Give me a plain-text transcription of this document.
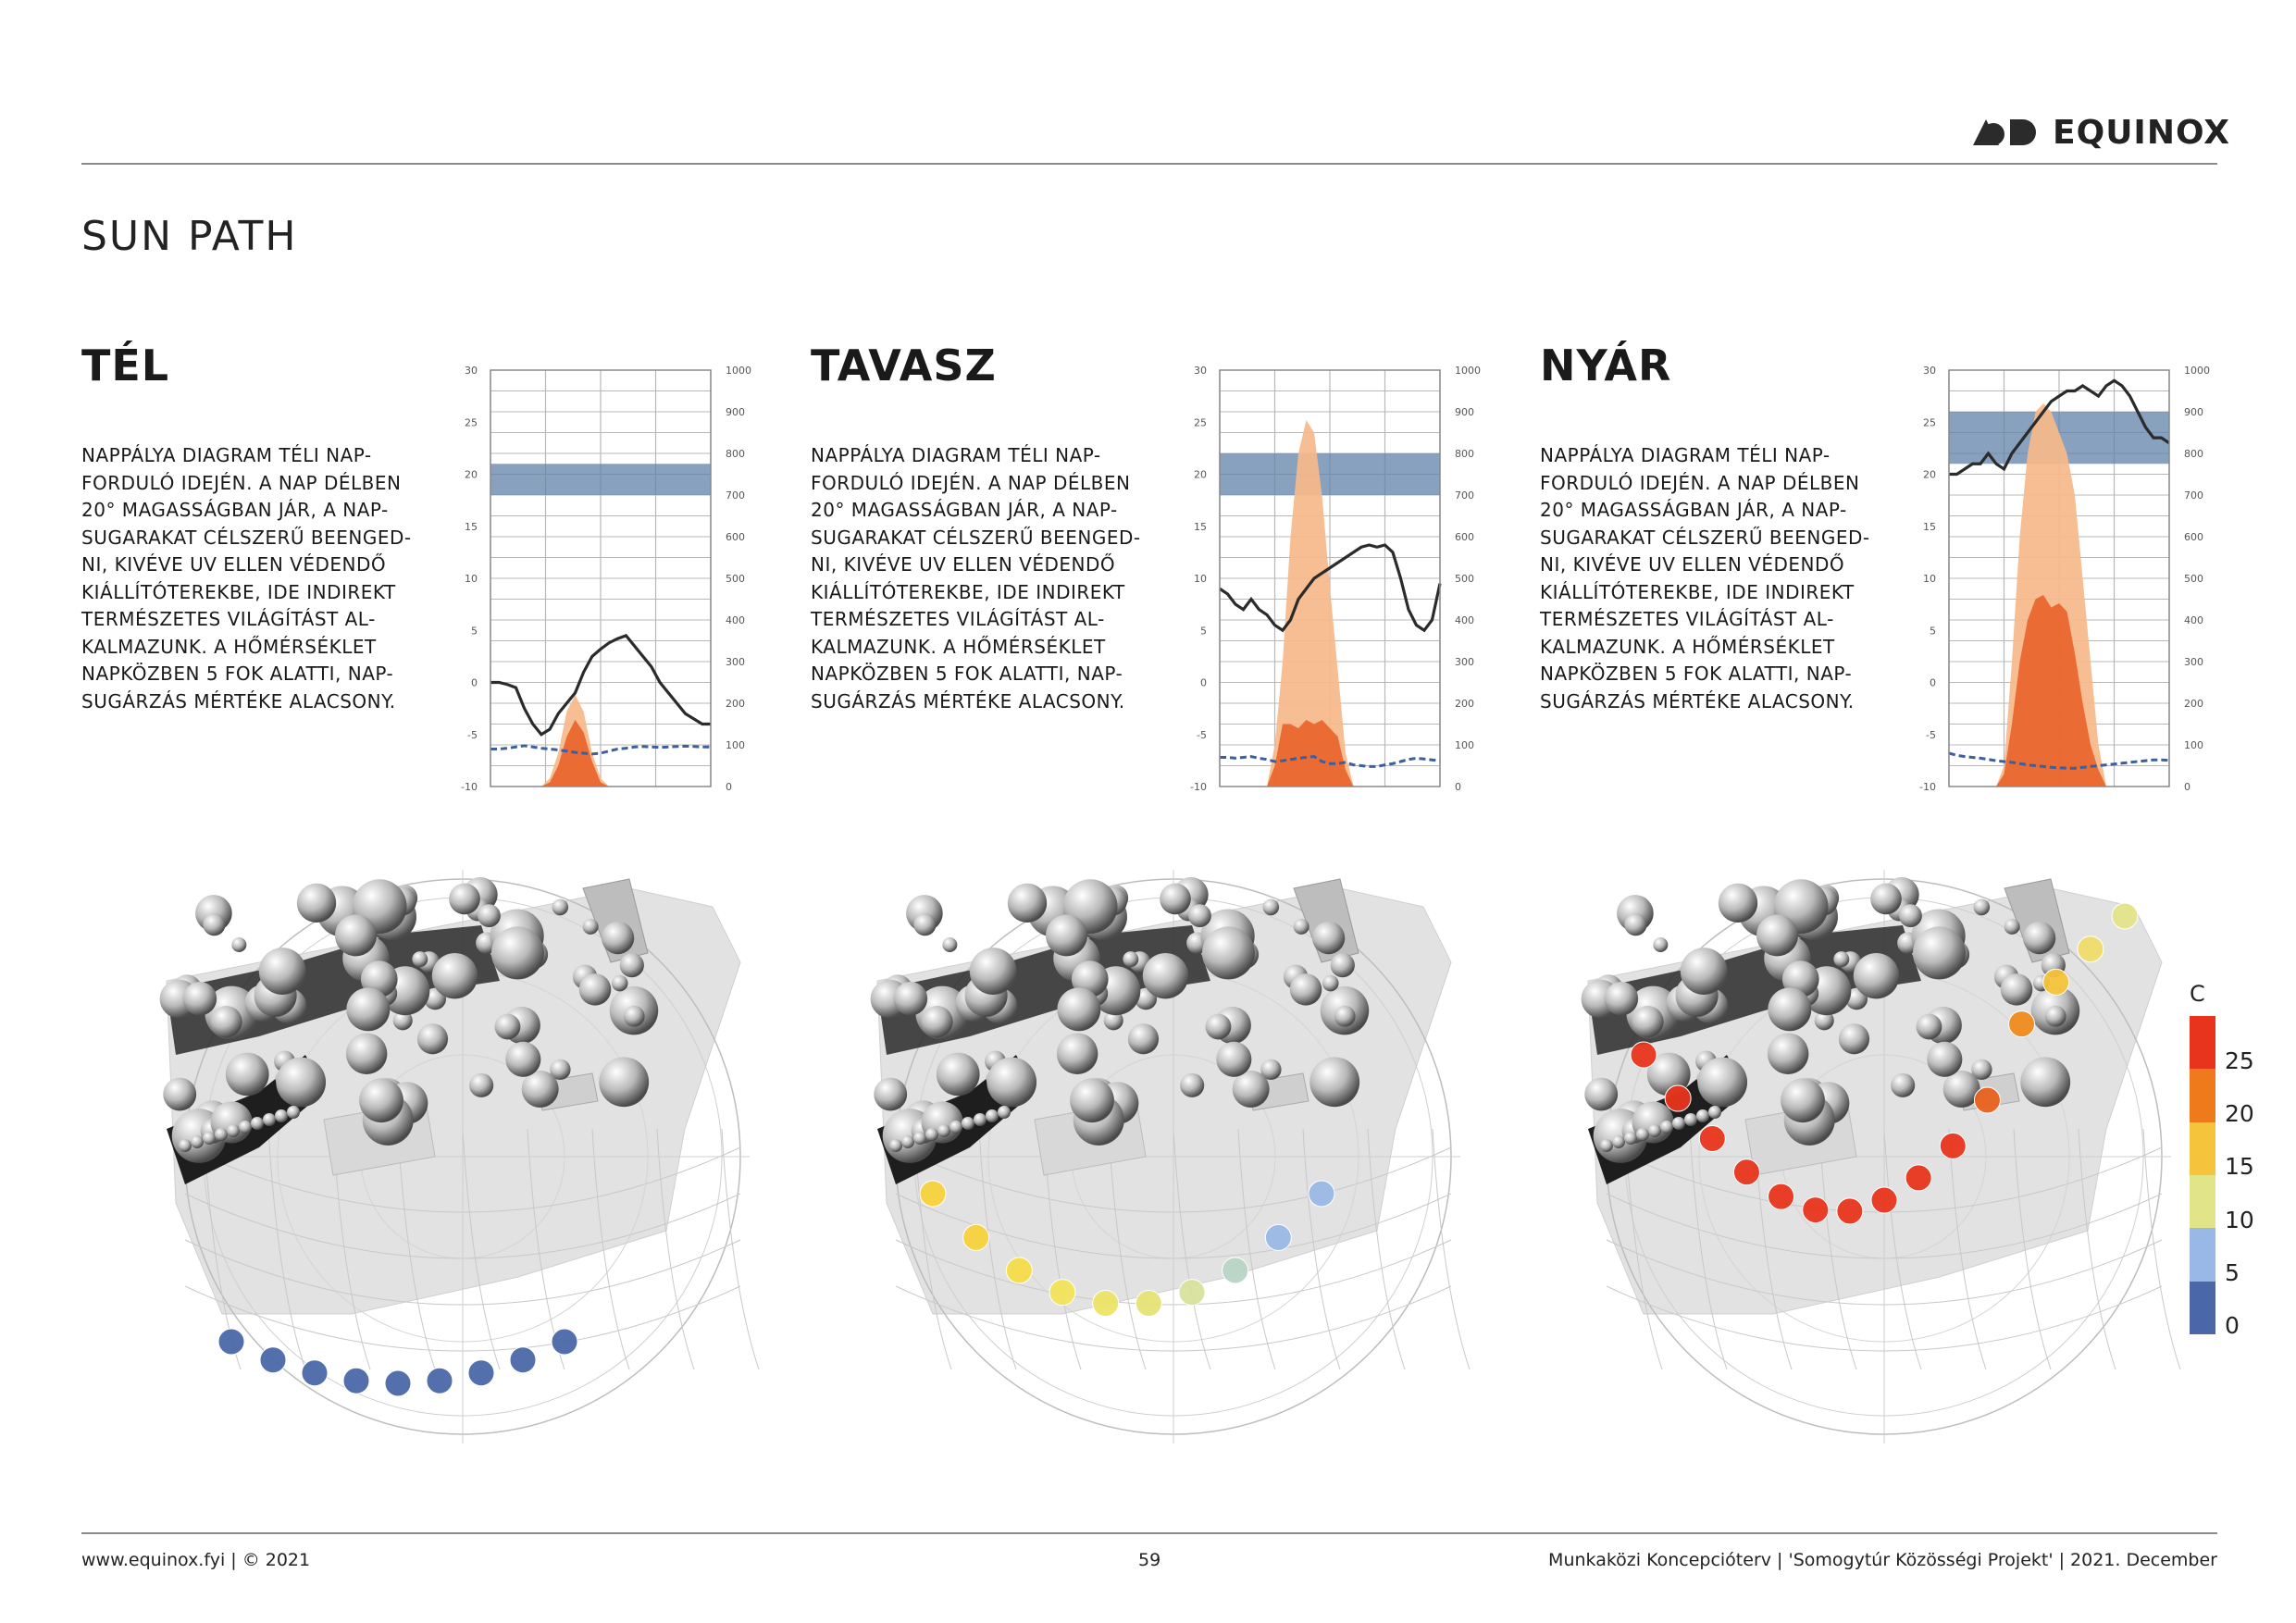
EQUINOX
SUN PATH
TÉL
NAPPÁLYA DIAGRAM TÉLI NAP-
FORDULÓ IDEJÉN. A NAP DÉLBEN
20° MAGASSÁGBAN JÁR, A NAP-
SUGARAKAT CÉLSZERŰ BEENGED-
NI, KIVÉVE UV ELLEN VÉDENDŐ
KIÁLLÍTÓTEREKBE, IDE INDIREKT
TERMÉSZETES VILÁGÍTÁST AL-
KALMAZUNK. A HŐMÉRSÉKLET
NAPKÖZBEN 5 FOK ALATTI, NAP-
SUGÁRZÁS MÉRTÉKE ALACSONY.
TAVASZ
NAPPÁLYA DIAGRAM TÉLI NAP-
FORDULÓ IDEJÉN. A NAP DÉLBEN
20° MAGASSÁGBAN JÁR, A NAP-
SUGARAKAT CÉLSZERŰ BEENGED-
NI, KIVÉVE UV ELLEN VÉDENDŐ
KIÁLLÍTÓTEREKBE, IDE INDIREKT
TERMÉSZETES VILÁGÍTÁST AL-
KALMAZUNK. A HŐMÉRSÉKLET
NAPKÖZBEN 5 FOK ALATTI, NAP-
SUGÁRZÁS MÉRTÉKE ALACSONY.
NYÁR
NAPPÁLYA DIAGRAM TÉLI NAP-
FORDULÓ IDEJÉN. A NAP DÉLBEN
20° MAGASSÁGBAN JÁR, A NAP-
SUGARAKAT CÉLSZERŰ BEENGED-
NI, KIVÉVE UV ELLEN VÉDENDŐ
KIÁLLÍTÓTEREKBE, IDE INDIREKT
TERMÉSZETES VILÁGÍTÁST AL-
KALMAZUNK. A HŐMÉRSÉKLET
NAPKÖZBEN 5 FOK ALATTI, NAP-
SUGÁRZÁS MÉRTÉKE ALACSONY.
30
25
20
15
10
5
0
-5
-10
1000
900
800
700
600
500
400
300
200
100
0
30
25
20
15
10
5
0
-5
-10
1000
900
800
700
600
500
400
300
200
100
0
30
25
20
15
10
5
0
-5
-10
1000
900
800
700
600
500
400
300
200
100
0
C
25
20
15
10
5
0
www.equinox.fyi | © 2021	59	Munkaközi Koncepcióterv | 'Somogytúr Közösségi Projekt' | 2021. December
